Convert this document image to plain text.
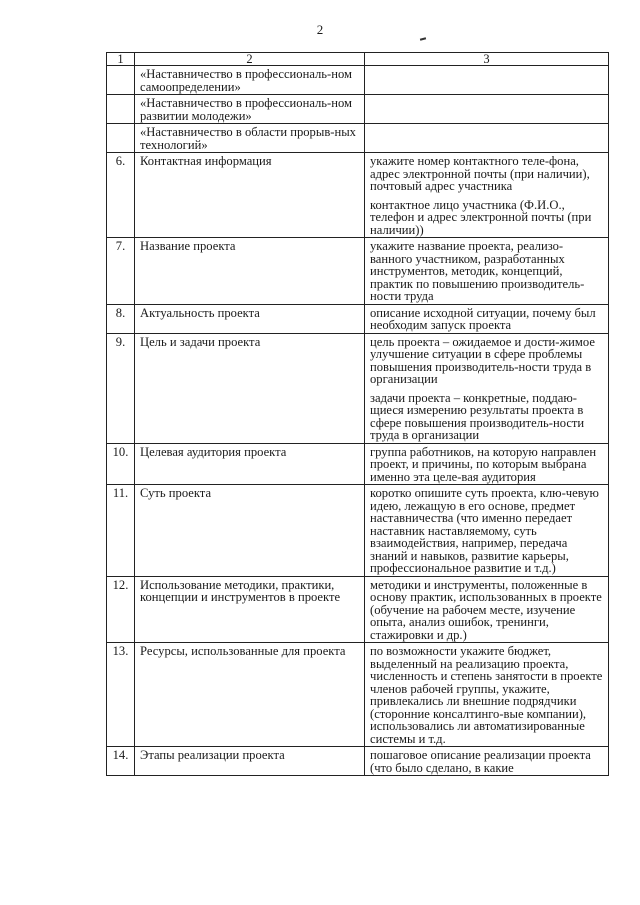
2
1	2	3
	«Наставничество в профессиональ-ном самоопределении»	
	«Наставничество в профессиональ-ном развитии молодежи»	
	«Наставничество в области прорыв-ных технологий»	
6.	Контактная информация	укажите номер контактного теле-фона, адрес электронной почты (при наличии), почтовый адрес участника
контактное лицо участника (Ф.И.О., телефон и адрес электронной почты (при наличии))

7.	Название проекта	укажите название проекта, реализо-ванного участником, разработанных инструментов, методик, концепций, практик по повышению производитель-ности труда

8.	Актуальность проекта	описание исходной ситуации, почему был необходим запуск проекта

9.	Цель и задачи проекта	цель проекта – ожидаемое и дости-жимое улучшение ситуации в сфере проблемы повышения производитель-ности труда в организации
задачи проекта – конкретные, поддаю-щиеся измерению результаты проекта в сфере повышения производитель-ности труда в организации

10.	Целевая аудитория проекта	группа работников, на которую направлен проект, и причины, по которым выбрана именно эта целе-вая аудитория

11.	Суть проекта	коротко опишите суть проекта, клю-чевую идею, лежащую в его основе, предмет наставничества (что именно передает наставник наставляемому, суть взаимодействия, например, передача знаний и навыков, развитие карьеры, профессиональное развитие и т.д.)

12.	Использование методики, практики, концепции и инструментов в проекте	методики и инструменты, положенные в основу практик, использованных в проекте (обучение на рабочем месте, изучение опыта, анализ ошибок, тренинги, стажировки и др.)

13.	Ресурсы, использованные для проекта	по возможности укажите бюджет, выделенный на реализацию проекта, численность и степень занятости в проекте членов рабочей группы, укажите, привлекались ли внешние подрядчики (сторонние консалтинго-вые компании), использовались ли автоматизированные системы и т.д.

14.	Этапы реализации проекта	пошаговое описание реализации проекта (что было сделано, в какие
